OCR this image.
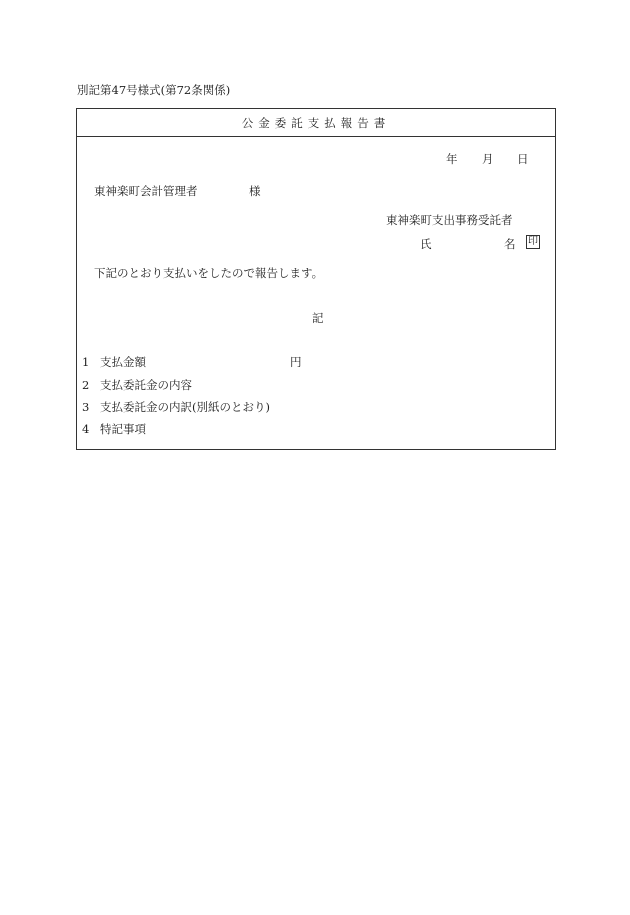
別記第47号様式(第72条関係)
公金委託支払報告書
年 月 日
東神楽町会計管理者	様
東神楽町支出事務受託者
氏	名 印
下記のとおり支払いをしたので報告します。
記
1 支払金額	円
2 支払委託金の内容
3 支払委託金の内訳(別紙のとおり)
4 特記事項
